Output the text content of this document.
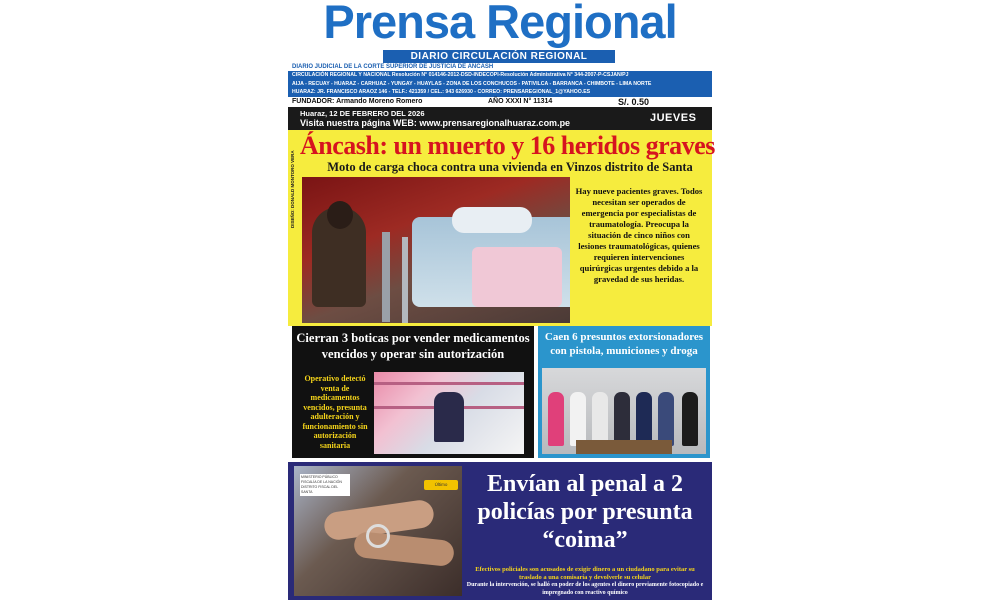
Prensa Regional
DIARIO CIRCULACIÓN REGIONAL
DIARIO JUDICIAL DE LA CORTE SUPERIOR DE JUSTICIA DE ANCASH
CIRCULACIÓN REGIONAL Y NACIONAL Resolución N° 014146-2012-DSD-INDECOPI-Resolución Administrativa N° 344-2007-P-CSJAN/PJ
AIJA - RECUAY - HUARAZ - CARHUAZ - YUNGAY - HUAYLAS - ZONA DE LOS CONCHUCOS - PATIVILCA - BARRANCA - CHIMBOTE - LIMA NORTE
HUARAZ: JR. FRANCISCO ARAOZ 146 - TELF.: 421359 / CEL.: 943 626930 - CORREO: PRENSAREGIONAL_1@YAHOO.ES
FUNDADOR: Armando Moreno Romero	AÑO XXXI N° 11314	S/. 0.50
Huaraz, 12 DE FEBRERO DEL 2026
Visita nuestra página WEB: www.prensaregionalhuaraz.com.pe	JUEVES
DISEÑO: DONALD MONTORO VERA
Áncash: un muerto y 16 heridos graves
Moto de carga choca contra una vivienda en Vinzos distrito de Santa
Hay nueve pacientes graves. Todos necesitan ser operados de emergencia por especialistas de traumatología. Preocupa la situación de cinco niños con lesiones traumatológicas, quienes requieren intervenciones quirúrgicas urgentes debido a la gravedad de sus heridas.
Cierran 3 boticas por vender medicamentos vencidos y operar sin autorización
Operativo detectó venta de medicamentos vencidos, presunta adulteración y funcionamiento sin autorización sanitaria
Caen 6 presuntos extorsionadores con pistola, municiones y droga
MINISTERIO PÚBLICO FISCALÍA DE LA NACIÓN DISTRITO FISCAL DEL SANTA
Último	Envían al penal a 2 policías por presunta “coima”
Efectivos policiales son acusados de exigir dinero a un ciudadano para evitar su traslado a una comisaría y devolverle su celular
Durante la intervención, se halló en poder de los agentes el dinero previamente fotocopiado e impregnado con reactivo químico
